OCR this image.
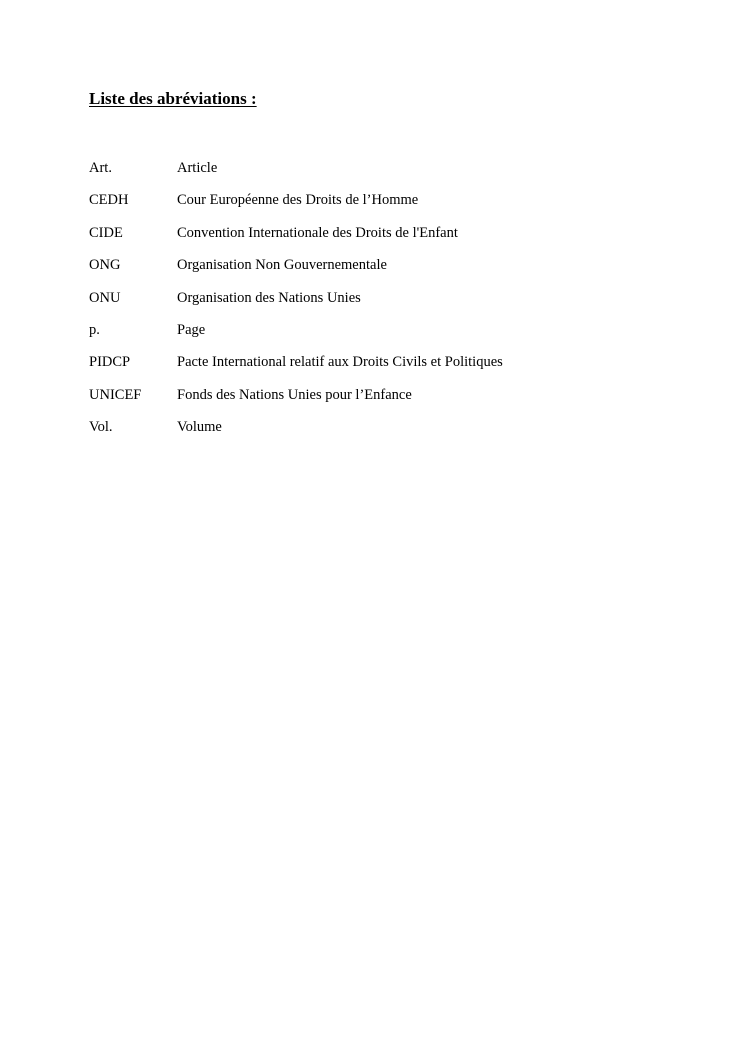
Liste des abréviations :
Art.	Article
CEDH	Cour Européenne des Droits de l’Homme
CIDE	Convention Internationale des Droits de l'Enfant
ONG	Organisation Non Gouvernementale
ONU	Organisation des Nations Unies
p.	Page
PIDCP	Pacte International relatif aux Droits Civils et Politiques
UNICEF	Fonds des Nations Unies pour l’Enfance
Vol.	Volume
